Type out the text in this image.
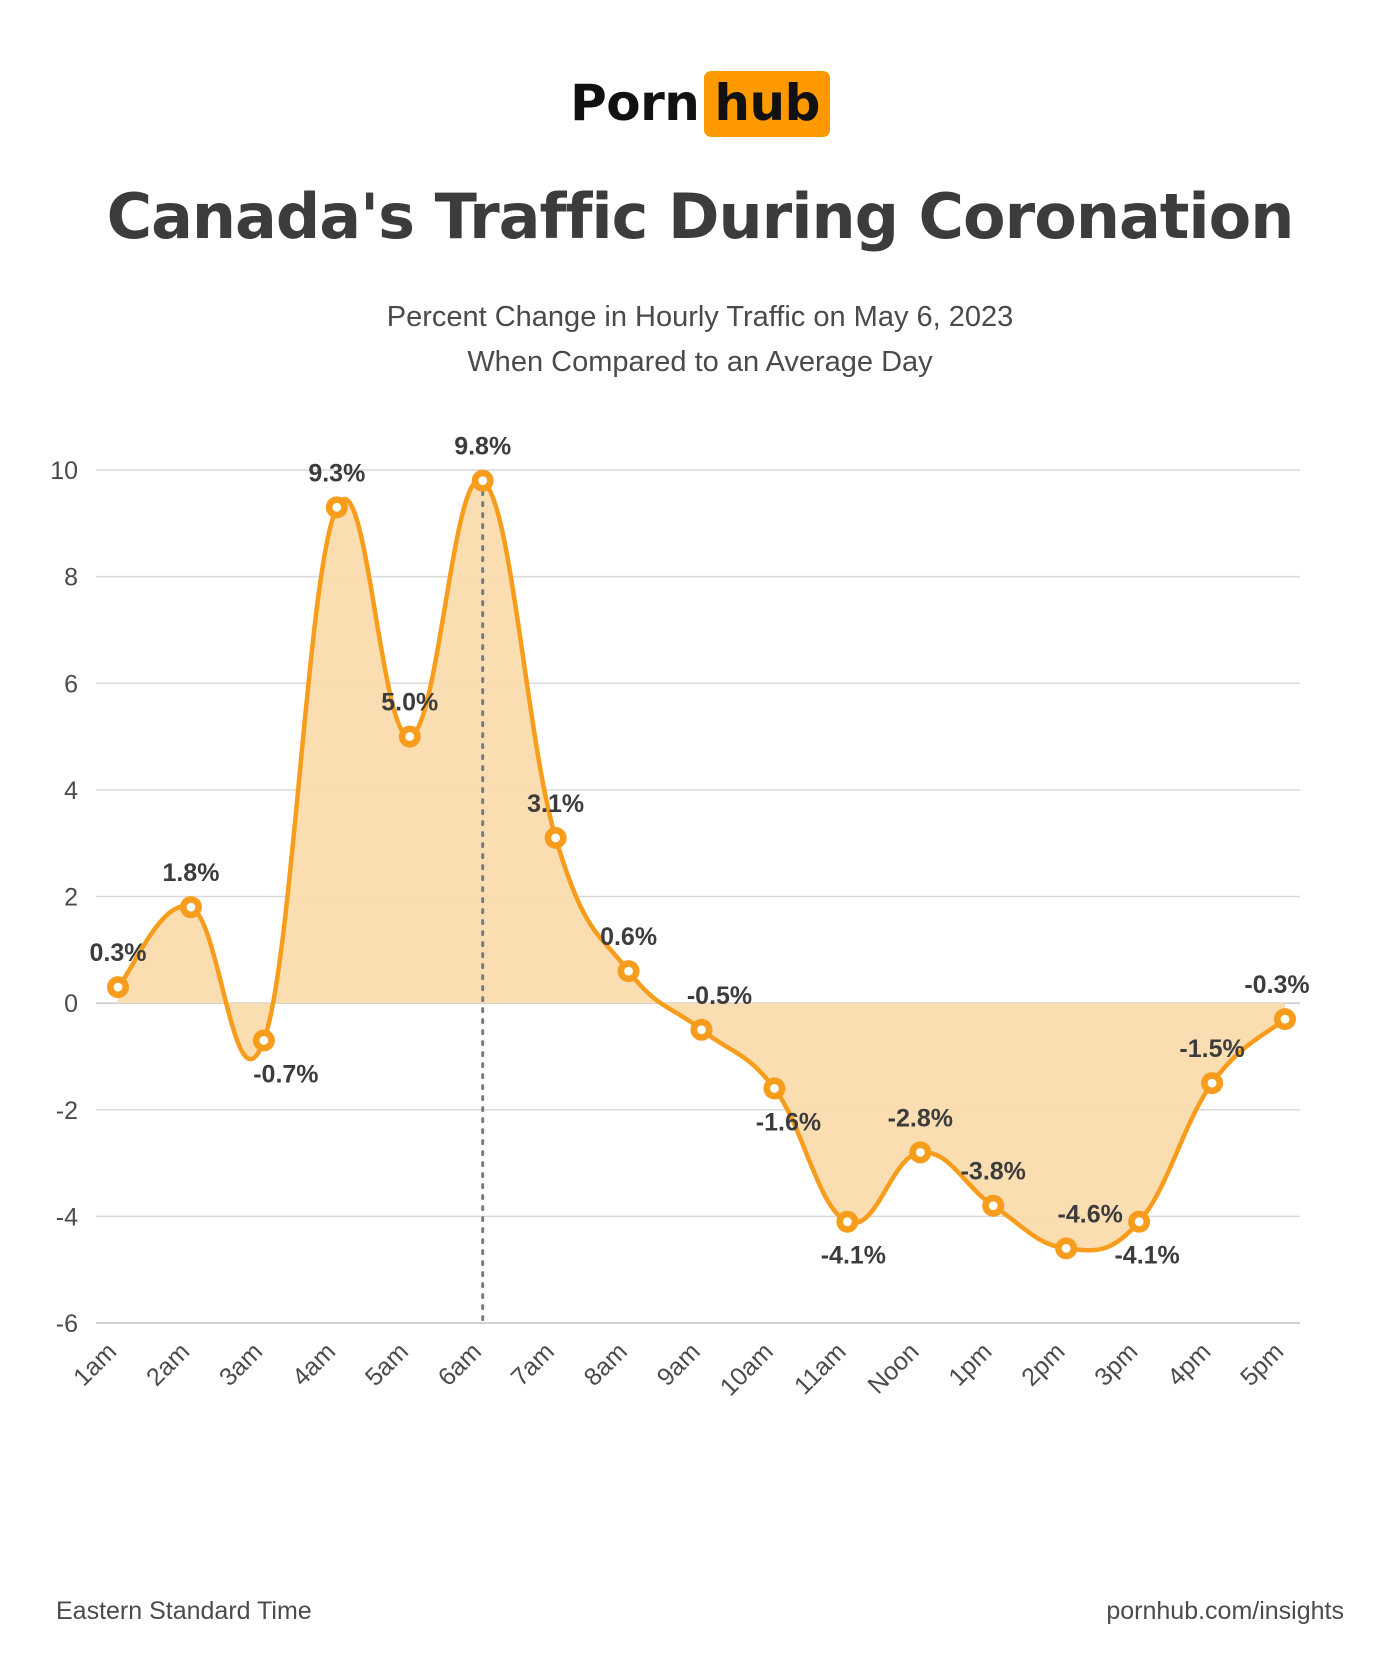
Porn hub
Canada's Traffic During Coronation
Percent Change in Hourly Traffic on May 6, 2023
When Compared to an Average Day
10
8
6
4
2
0
-2
-4
-6
0.3%
1.8%
-0.7%
9.3%
5.0%
9.8%
3.1%
0.6%
-0.5%
-1.6%
-4.1%
-2.8%
-3.8%
-4.6%
-4.1%
-1.5%
-0.3%
1am 2am 3am 4am 5am 6am 7am 8am 9am 10am 11am Noon 1pm 2pm 3pm 4pm 5pm
Eastern Standard Time	pornhub.com/insights
